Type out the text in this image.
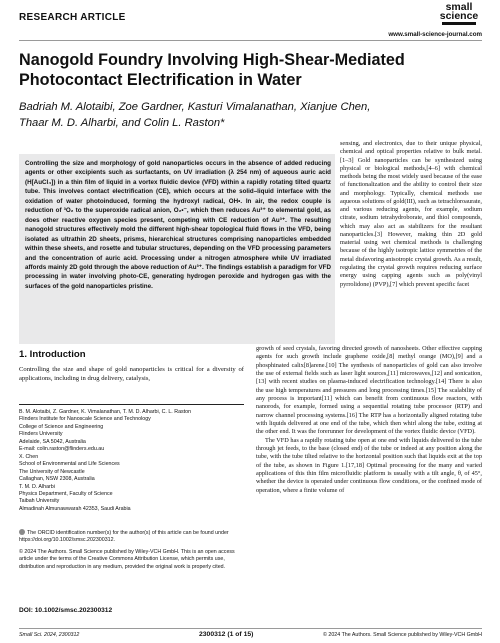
RESEARCH ARTICLE
small
science
www.small-science-journal.com
Nanogold Foundry Involving High-Shear-Mediated Photocontact Electrification in Water
Badriah M. Alotaibi, Zoe Gardner, Kasturi Vimalanathan, Xianjue Chen,
Thaar M. D. Alharbi, and Colin L. Raston*
Controlling the size and morphology of gold nanoparticles occurs in the absence of added reducing agents or other excipients such as surfactants, on UV irradiation (λ 254 nm) of aqueous auric acid (H[AuCl₄]) in a thin film of liquid in a vortex fluidic device (VFD) within a rapidly rotating tilted quartz tube. This involves contact electrification (CE), which occurs at the solid–liquid interface with the oxidation of water photoinduced, forming the hydroxyl radical, OH•. In air, the redox couple is reduction of ³O₂ to the superoxide radical anion, O₂•⁻, which then reduces Au³⁺ to elemental gold, as does other reactive oxygen species present, competing with CE reduction of Au³⁺. The resulting nanogold structures effectively mold the different high-shear topological fluid flows in the VFD, being isolated as ultrathin 2D sheets, prisms, hierarchical structures comprising nanoparticles embedded within these sheets, and rosette and tubular structures, depending on the VFD processing parameters and the concentration of auric acid. Processing under a nitrogen atmosphere while UV irradiated affords mainly 2D gold through the above reduction of Au³⁺. The findings establish a paradigm for VFD processing in water involving photo-CE, generating hydrogen peroxide and hydrogen gas with the surfaces of the gold nanoparticles pristine.
sensing, and electronics, due to their unique physical, chemical and optical properties relative to bulk metal.[1–3] Gold nanoparticles can be synthesized using physical or biological methods,[4–6] with chemical methods being the most widely used because of the ease of functionalization and the ability to control their size and morphology. Typically, chemical methods use aqueous solutions of gold(III), such as tetrachloroaurate, and various reducing agents, for example, sodium citrate, sodium tetrahydroborate, and thiol compounds, which may also act as stabilizers for the resultant nanoparticles.[3] However, making thin 2D gold material using wet chemical methods is challenging because of the highly isotropic lattice symmetries of the metal disfavoring anisotropic crystal growth. As a result, regulating the crystal growth requires reducing surface energy using capping agents such as poly(vinyl pyrrolidone) (PVP),[7] which prevent specific facet
1. Introduction
Controlling the size and shape of gold nanoparticles is critical for a diversity of applications, including in drug delivery, catalysis,
B. M. Alotaibi, Z. Gardner, K. Vimalanathan, T. M. D. Alharbi, C. L. Raston
Flinders Institute for Nanoscale Science and Technology
College of Science and Engineering
Flinders University
Adelaide, SA 5042, Australia
E-mail: colin.raston@flinders.edu.au
X. Chen
School of Environmental and Life Sciences
The University of Newcastle
Callaghan, NSW 2308, Australia
T. M. D. Alharbi
Physics Department, Faculty of Science
Taibah University
Almadinah Almunawwarah 42353, Saudi Arabia
The ORCID identification number(s) for the author(s) of this article can be found under https://doi.org/10.1002/smsc.202300312.
© 2024 The Authors. Small Science published by Wiley-VCH GmbH. This is an open access article under the terms of the Creative Commons Attribution License, which permits use, distribution and reproduction in any medium, provided the original work is properly cited.
DOI: 10.1002/smsc.202300312

growth of seed crystals, favoring directed growth of nanosheets. Other effective capping agents for such growth include graphene oxide,[8] methyl orange (MO),[9] and a phosphinated calix[8]arene.[10] The synthesis of nanoparticles of gold can also involve the use of external fields such as laser light sources,[11] microwaves,[12] and sonication,[13] with recent studies on plasma-induced electrification technology.[14] There is also the use high temperatures and pressures and long processing times.[15] The scalability of any process is important[11] which can benefit from continuous flow reactors, with nanorods, for example, formed using a sequential rotating tube processor (RTP) and narrow channel processing systems.[16] The RTP has a horizontally aligned rotating tube with liquids delivered at one end of the tube, which then whirl along the tube, exiting at the other end. It was the forerunner for development of the vortex fluidic device (VFD).

The VFD has a rapidly rotating tube open at one end with liquids delivered to the tube through jet feeds, to the base (closed end) of the tube or indeed at any position along the tube, with the tube tilted relative to the horizontal position such that liquids exit at the top of the tube, as shown in Figure 1.[17,18] Optimal processing for the many and varied applications of this thin film microfluidic platform is usually with a tilt angle, θ, of 45°, whether the device is operated under continuous flow conditions, or the confined mode of operation, where a finite volume of

Small Sci. 2024, 2300312	2300312 (1 of 15)	© 2024 The Authors. Small Science published by Wiley-VCH GmbH
